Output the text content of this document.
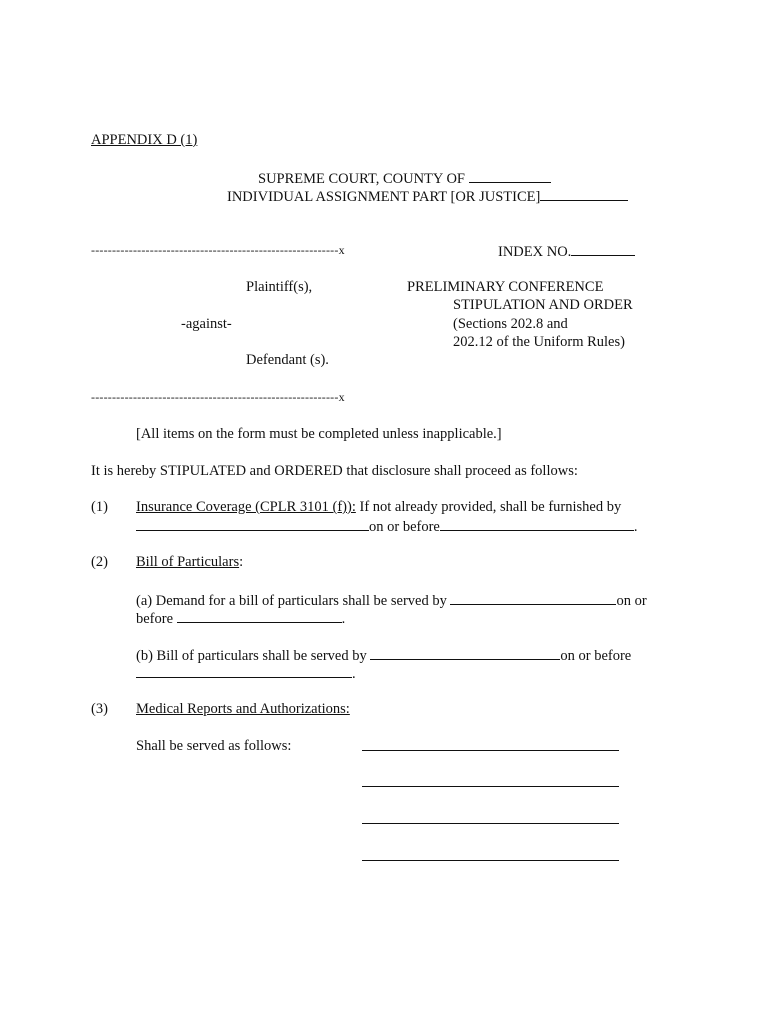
APPENDIX D (1)
SUPREME COURT, COUNTY OF
INDIVIDUAL ASSIGNMENT PART [OR JUSTICE]
-----------------------------------------------------------x	INDEX NO.
Plaintiff(s),
-against-
Defendant (s).
PRELIMINARY CONFERENCE
STIPULATION AND ORDER
(Sections 202.8 and
202.12 of the Uniform Rules)
-----------------------------------------------------------x
[All items on the form must be completed unless inapplicable.]
It is hereby STIPULATED and ORDERED that disclosure shall proceed as follows:
(1) Insurance Coverage (CPLR 3101 (f)): If not already provided, shall be furnished by
on or before	.
(2) Bill of Particulars:
(a) Demand for a bill of particulars shall be served by	on or
before	.
(b) Bill of particulars shall be served by	on or before
.
(3) Medical Reports and Authorizations:
Shall be served as follows:
